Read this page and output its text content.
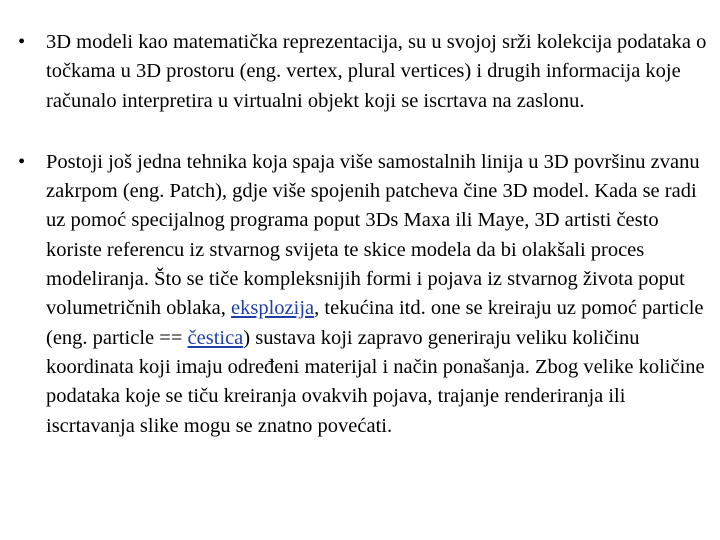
• 3D modeli kao matematička reprezentacija, su u svojoj srži kolekcija podataka o točkama u 3D prostoru (eng. vertex, plural vertices) i drugih informacija koje računalo interpretira u virtualni objekt koji se iscrtava na zaslonu.
• Postoji još jedna tehnika koja spaja više samostalnih linija u 3D površinu zvanu zakrpom (eng. Patch), gdje više spojenih patcheva čine 3D model. Kada se radi uz pomoć specijalnog programa poput 3Ds Maxa ili Maye, 3D artisti često koriste referencu iz stvarnog svijeta te skice modela da bi olakšali proces modeliranja. Što se tiče kompleksnijih formi i pojava iz stvarnog života poput volumetričnih oblaka, eksplozija, tekućina itd. one se kreiraju uz pomoć particle (eng. particle == čestica) sustava koji zapravo generiraju veliku količinu koordinata koji imaju određeni materijal i način ponašanja. Zbog velike količine podataka koje se tiču kreiranja ovakvih pojava, trajanje renderiranja ili iscrtavanja slike mogu se znatno povećati.
